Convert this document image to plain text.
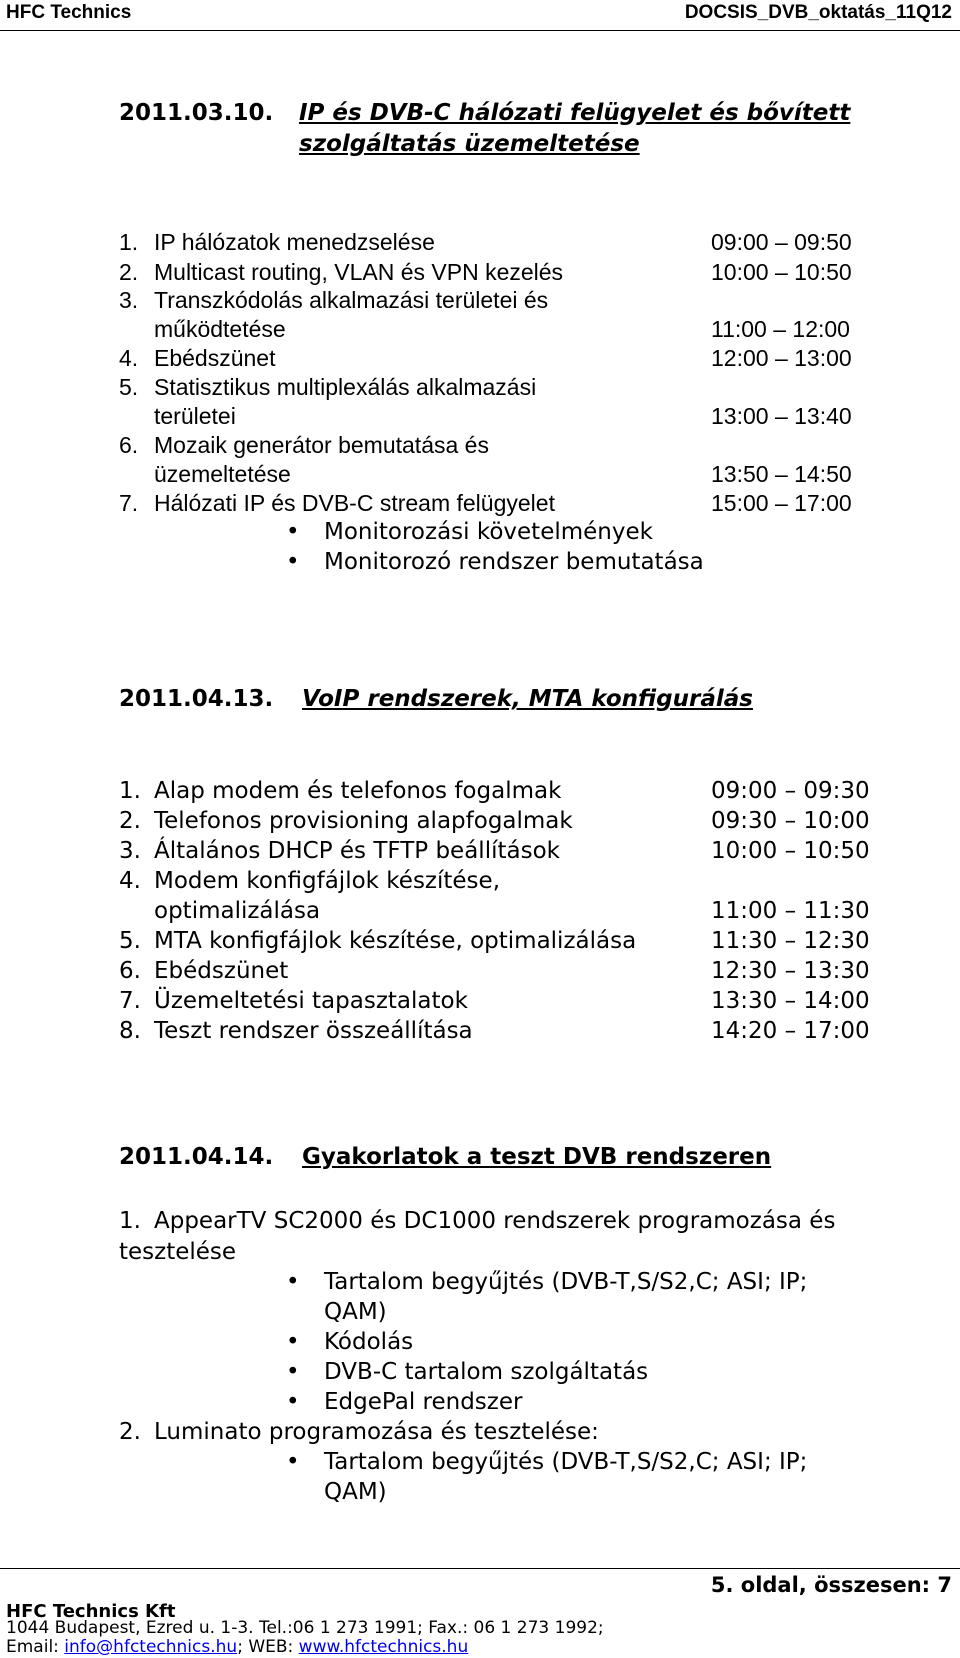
HFC Technics	DOCSIS_DVB_oktatás_11Q12
2011.03.10. IP és DVB-C hálózati felügyelet és bővített
szolgáltatás üzemeltetése
1. IP hálózatok menedzselése	09:00 – 09:50
2. Multicast routing, VLAN és VPN kezelés	10:00 – 10:50
3. Transzkódolás alkalmazási területei és
működtetése	11:00 – 12:00
4. Ebédszünet	12:00 – 13:00
5. Statisztikus multiplexálás alkalmazási
területei	13:00 – 13:40
6. Mozaik generátor bemutatása és
üzemeltetése	13:50 – 14:50
7. Hálózati IP és DVB-C stream felügyelet	15:00 – 17:00
• Monitorozási követelmények
• Monitorozó rendszer bemutatása
2011.04.13. VoIP rendszerek, MTA konfigurálás
1. Alap modem és telefonos fogalmak	09:00 – 09:30
2. Telefonos provisioning alapfogalmak	09:30 – 10:00
3. Általános DHCP és TFTP beállítások	10:00 – 10:50
4. Modem konfigfájlok készítése,
optimalizálása	11:00 – 11:30
5. MTA konfigfájlok készítése, optimalizálása	11:30 – 12:30
6. Ebédszünet	12:30 – 13:30
7. Üzemeltetési tapasztalatok	13:30 – 14:00
8. Teszt rendszer összeállítása	14:20 – 17:00
2011.04.14. Gyakorlatok a teszt DVB rendszeren
1. AppearTV SC2000 és DC1000 rendszerek programozása és
tesztelése
• Tartalom begyűjtés (DVB-T,S/S2,C; ASI; IP;
QAM)
• Kódolás
• DVB-C tartalom szolgáltatás
• EdgePal rendszer
2. Luminato programozása és tesztelése:
• Tartalom begyűjtés (DVB-T,S/S2,C; ASI; IP;
QAM)
5. oldal, összesen: 7
HFC Technics Kft
1044 Budapest, Ezred u. 1-3. Tel.:06 1 273 1991; Fax.: 06 1 273 1992;
Email: info@hfctechnics.hu; WEB: www.hfctechnics.hu
